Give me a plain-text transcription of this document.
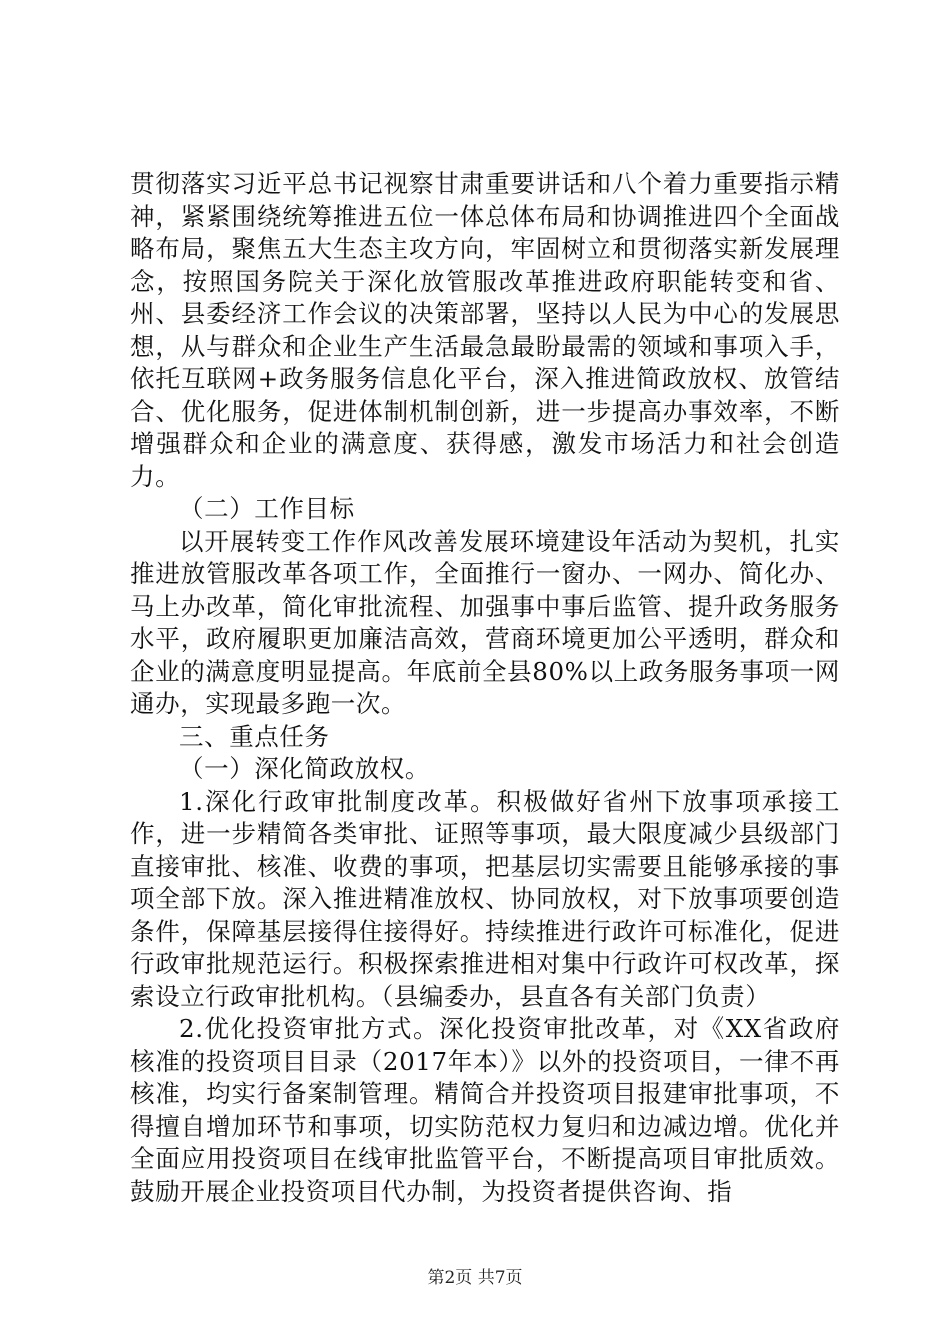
贯彻落实习近平总书记视察甘肃重要讲话和八个着力重要指示精神，紧紧围绕统筹推进五位一体总体布局和协调推进四个全面战略布局，聚焦五大生态主攻方向，牢固树立和贯彻落实新发展理念，按照国务院关于深化放管服改革推进政府职能转变和省、州、县委经济工作会议的决策部署，坚持以人民为中心的发展思想，从与群众和企业生产生活最急最盼最需的领域和事项入手，依托互联网+政务服务信息化平台，深入推进简政放权、放管结合、优化服务，促进体制机制创新，进一步提高办事效率，不断增强群众和企业的满意度、获得感，激发市场活力和社会创造力。

（二）工作目标

以开展转变工作作风改善发展环境建设年活动为契机，扎实推进放管服改革各项工作，全面推行一窗办、一网办、简化办、马上办改革，简化审批流程、加强事中事后监管、提升政务服务水平，政府履职更加廉洁高效，营商环境更加公平透明，群众和企业的满意度明显提高。年底前全县80%以上政务服务事项一网通办，实现最多跑一次。

三、重点任务

（一）深化简政放权。

1.深化行政审批制度改革。积极做好省州下放事项承接工作，进一步精简各类审批、证照等事项，最大限度减少县级部门直接审批、核准、收费的事项，把基层切实需要且能够承接的事项全部下放。深入推进精准放权、协同放权，对下放事项要创造条件，保障基层接得住接得好。持续推进行政许可标准化，促进行政审批规范运行。积极探索推进相对集中行政许可权改革，探索设立行政审批机构。（县编委办，县直各有关部门负责）

2.优化投资审批方式。深化投资审批改革，对《XX省政府核准的投资项目目录（2017年本）》以外的投资项目，一律不再核准，均实行备案制管理。精简合并投资项目报建审批事项，不得擅自增加环节和事项，切实防范权力复归和边减边增。优化并全面应用投资项目在线审批监管平台，不断提高项目审批质效。鼓励开展企业投资项目代办制，为投资者提供咨询、指

第2页 共7页
